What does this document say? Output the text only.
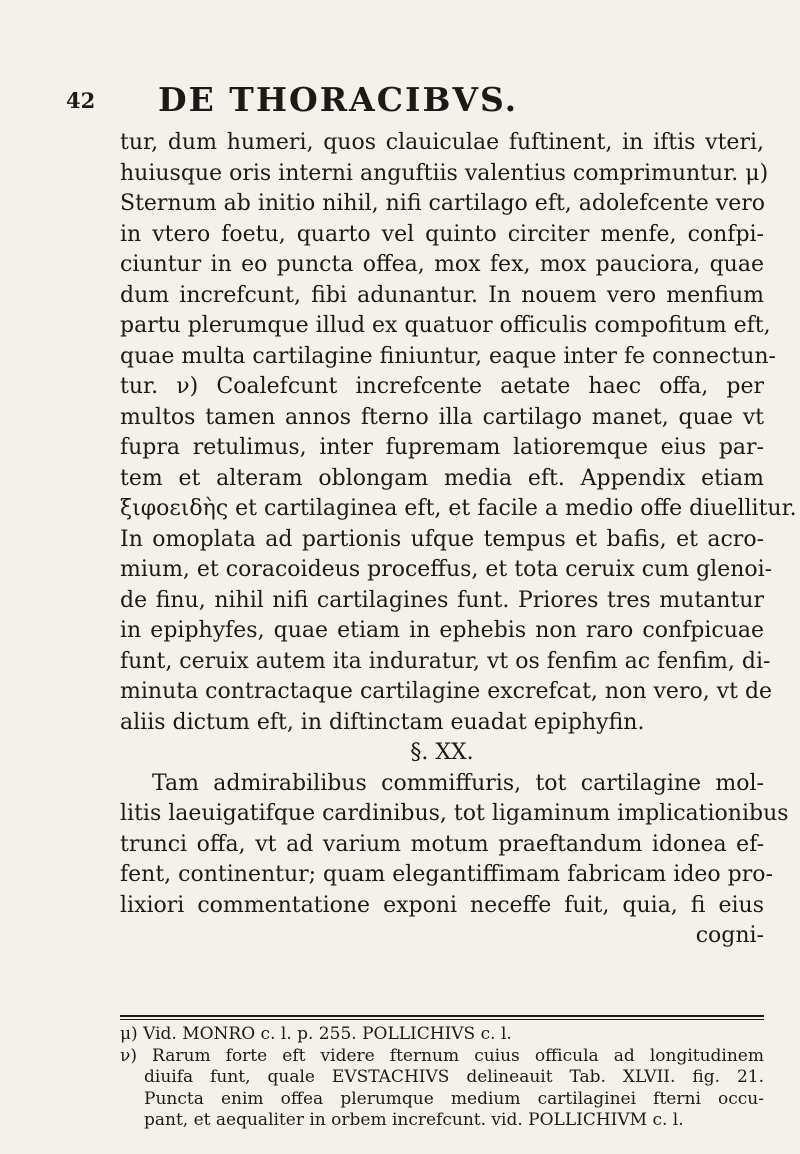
42 DE THORACIBVS.
tur, dum humeri, quos clauiculae fuftinent, in iftis vteri,
huiusque oris interni anguftiis valentius comprimuntur. μ)
Sternum ab initio nihil, nifi cartilago eft, adolefcente vero
in vtero foetu, quarto vel quinto circiter menfe, confpi-
ciuntur in eo puncta offea, mox fex, mox pauciora, quae
dum increfcunt, fibi adunantur. In nouem vero menfium
partu plerumque illud ex quatuor officulis compofitum eft,
quae multa cartilagine finiuntur, eaque inter fe connectun-
tur. ν) Coalefcunt increfcente aetate haec offa, per
multos tamen annos fterno illa cartilago manet, quae vt
fupra retulimus, inter fupremam latioremque eius par-
tem et alteram oblongam media eft. Appendix etiam
ξιφοειδὴς et cartilaginea eft, et facile a medio offe diuellitur.
In omoplata ad partionis ufque tempus et bafis, et acro-
mium, et coracoideus proceffus, et tota ceruix cum glenoi-
de finu, nihil nifi cartilagines funt. Priores tres mutantur
in epiphyfes, quae etiam in ephebis non raro confpicuae
funt, ceruix autem ita induratur, vt os fenfim ac fenfim, di-
minuta contractaque cartilagine excrefcat, non vero, vt de
aliis dictum eft, in diftinctam euadat epiphyfin.
§. XX.
Tam admirabilibus commiffuris, tot cartilagine mol-
litis laeuigatifque cardinibus, tot ligaminum implicationibus
trunci offa, vt ad varium motum praeftandum idonea ef-
fent, continentur; quam elegantiffimam fabricam ideo pro-
lixiori commentatione exponi neceffe fuit, quia, fi eius
cogni-
μ) Vid. MONRO c. l. p. 255. POLLICHIVS c. l.
ν) Rarum forte eft videre fternum cuius officula ad longitudinem
diuifa funt, quale EVSTACHIVS delineauit Tab. XLVII. fig. 21.
Puncta enim offea plerumque medium cartilaginei fterni occu-
pant, et aequaliter in orbem increfcunt. vid. POLLICHIVM c. l.
